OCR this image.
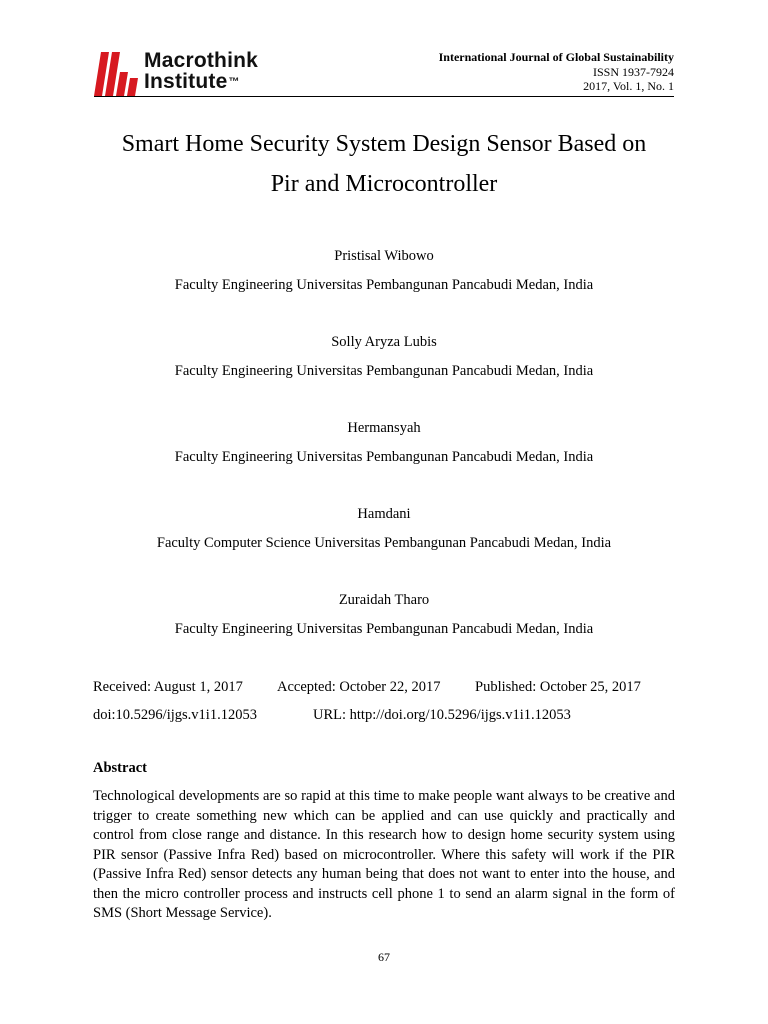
Macrothink
Institute™
International Journal of Global Sustainability
ISSN 1937-7924
2017, Vol. 1, No. 1
Smart Home Security System Design Sensor Based on
Pir and Microcontroller
Pristisal Wibowo
Faculty Engineering Universitas Pembangunan Pancabudi Medan, India
Solly Aryza Lubis
Faculty Engineering Universitas Pembangunan Pancabudi Medan, India
Hermansyah
Faculty Engineering Universitas Pembangunan Pancabudi Medan, India
Hamdani
Faculty Computer Science Universitas Pembangunan Pancabudi Medan, India
Zuraidah Tharo
Faculty Engineering Universitas Pembangunan Pancabudi Medan, India
Received: August 1, 2017 Accepted: October 22, 2017 Published: October 25, 2017
doi:10.5296/ijgs.v1i1.12053	URL: http://doi.org/10.5296/ijgs.v1i1.12053
Abstract

Technological developments are so rapid at this time to make people want always to be creative and trigger to create something new which can be applied and can use quickly and practically and control from close range and distance. In this research how to design home security system using PIR sensor (Passive Infra Red) based on microcontroller. Where this safety will work if the PIR (Passive Infra Red) sensor detects any human being that does not want to enter into the house, and then the micro controller process and instructs cell phone 1 to send an alarm signal in the form of SMS (Short Message Service).

67
